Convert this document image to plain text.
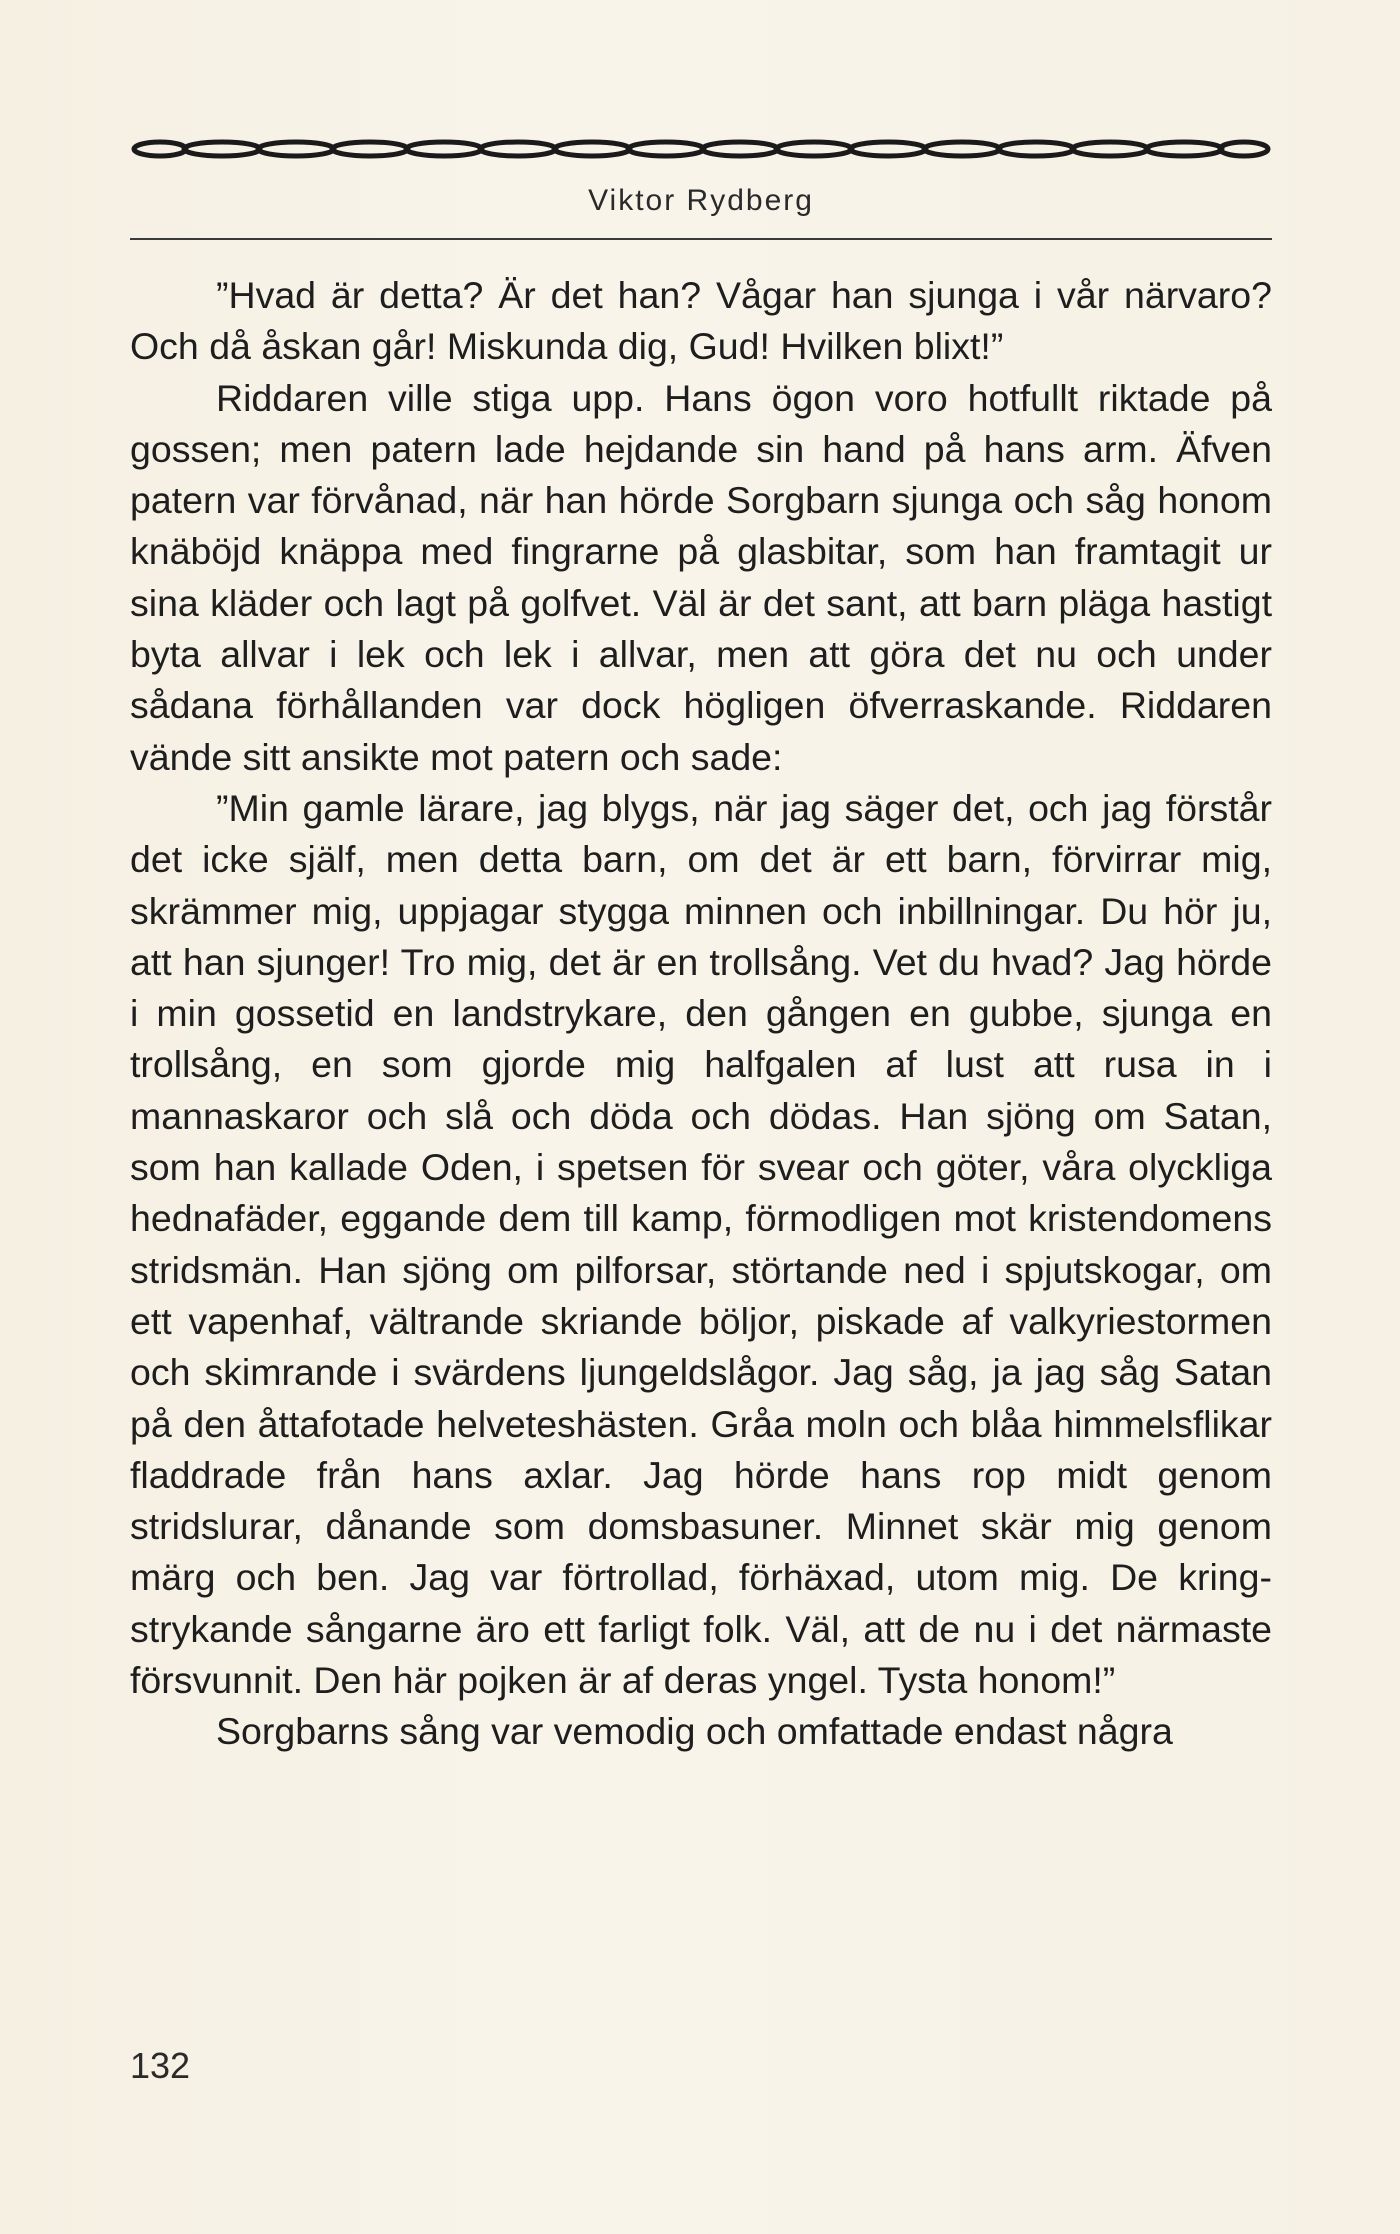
Viktor Rydberg

”Hvad är detta? Är det han? Vågar han sjunga i vår närvaro? Och då åskan går! Miskunda dig, Gud! Hvilken blixt!”

Riddaren ville stiga upp. Hans ögon voro hotfullt riktade på gossen; men patern lade hejdande sin hand på hans arm. Äfven patern var förvånad, när han hörde Sorgbarn sjunga och såg honom knäböjd knäppa med fingrarne på glasbitar, som han framtagit ur sina kläder och lagt på golfvet. Väl är det sant, att barn pläga hastigt byta allvar i lek och lek i allvar, men att göra det nu och under sådana förhållanden var dock högligen öfverraskande. Riddaren vände sitt ansikte mot patern och sade:

”Min gamle lärare, jag blygs, när jag säger det, och jag förstår det icke själf, men detta barn, om det är ett barn, förvirrar mig, skrämmer mig, uppjagar stygga minnen och inbillningar. Du hör ju, att han sjunger! Tro mig, det är en trollsång. Vet du hvad? Jag hörde i min gossetid en landstrykare, den gången en gubbe, sjunga en trollsång, en som gjorde mig halfgalen af lust att rusa in i mannaskaror och slå och döda och dödas. Han sjöng om Satan, som han kallade Oden, i spetsen för svear och göter, våra olyckliga hednafäder, eggande dem till kamp, förmodligen mot kristendomens stridsmän. Han sjöng om pilforsar, störtande ned i spjutskogar, om ett vapenhaf, vältrande skriande böljor, piskade af valkyriestormen och skimrande i svärdens ljungeldslågor. Jag såg, ja jag såg Satan på den åttafotade helveteshästen. Gråa moln och blåa himmelsflikar fladdrade från hans axlar. Jag hörde hans rop midt genom stridslurar, dånande som domsbasuner. Minnet skär mig genom märg och ben. Jag var förtrollad, förhäxad, utom mig. De kringstrykande sångarne äro ett farligt folk. Väl, att de nu i det närmaste försvunnit. Den här pojken är af deras yngel. Tysta honom!”

Sorgbarns sång var vemodig och omfattade endast några

132
